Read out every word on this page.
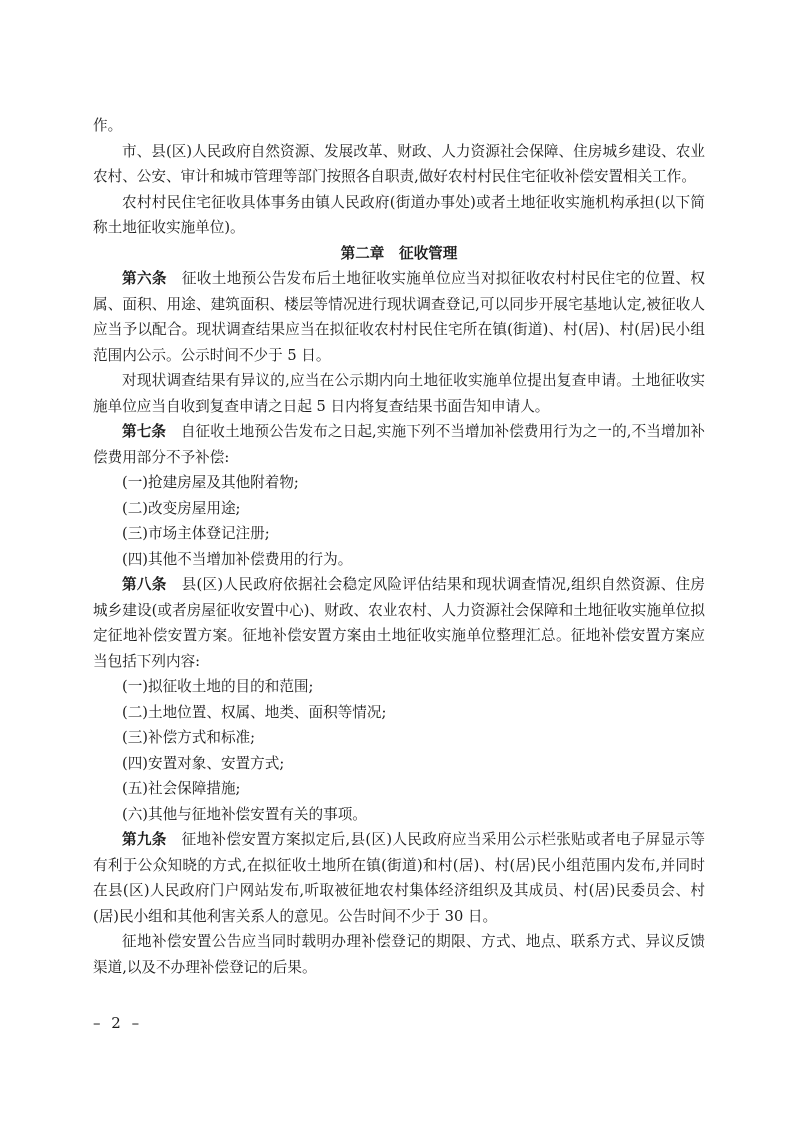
作。

市、县(区)人民政府自然资源、发展改革、财政、人力资源社会保障、住房城乡建设、农业农村、公安、审计和城市管理等部门按照各自职责,做好农村村民住宅征收补偿安置相关工作。

农村村民住宅征收具体事务由镇人民政府(街道办事处)或者土地征收实施机构承担(以下简称土地征收实施单位)。

第二章　征收管理

第六条　征收土地预公告发布后土地征收实施单位应当对拟征收农村村民住宅的位置、权属、面积、用途、建筑面积、楼层等情况进行现状调查登记,可以同步开展宅基地认定,被征收人应当予以配合。现状调查结果应当在拟征收农村村民住宅所在镇(街道)、村(居)、村(居)民小组范围内公示。公示时间不少于 5 日。

对现状调查结果有异议的,应当在公示期内向土地征收实施单位提出复查申请。土地征收实施单位应当自收到复查申请之日起 5 日内将复查结果书面告知申请人。

第七条　自征收土地预公告发布之日起,实施下列不当增加补偿费用行为之一的,不当增加补偿费用部分不予补偿:

(一)抢建房屋及其他附着物;

(二)改变房屋用途;

(三)市场主体登记注册;

(四)其他不当增加补偿费用的行为。

第八条　县(区)人民政府依据社会稳定风险评估结果和现状调查情况,组织自然资源、住房城乡建设(或者房屋征收安置中心)、财政、农业农村、人力资源社会保障和土地征收实施单位拟定征地补偿安置方案。征地补偿安置方案由土地征收实施单位整理汇总。征地补偿安置方案应当包括下列内容:

(一)拟征收土地的目的和范围;

(二)土地位置、权属、地类、面积等情况;

(三)补偿方式和标准;

(四)安置对象、安置方式;

(五)社会保障措施;

(六)其他与征地补偿安置有关的事项。

第九条　征地补偿安置方案拟定后,县(区)人民政府应当采用公示栏张贴或者电子屏显示等有利于公众知晓的方式,在拟征收土地所在镇(街道)和村(居)、村(居)民小组范围内发布,并同时在县(区)人民政府门户网站发布,听取被征地农村集体经济组织及其成员、村(居)民委员会、村(居)民小组和其他利害关系人的意见。公告时间不少于 30 日。

征地补偿安置公告应当同时载明办理补偿登记的期限、方式、地点、联系方式、异议反馈渠道,以及不办理补偿登记的后果。

– 2 –
